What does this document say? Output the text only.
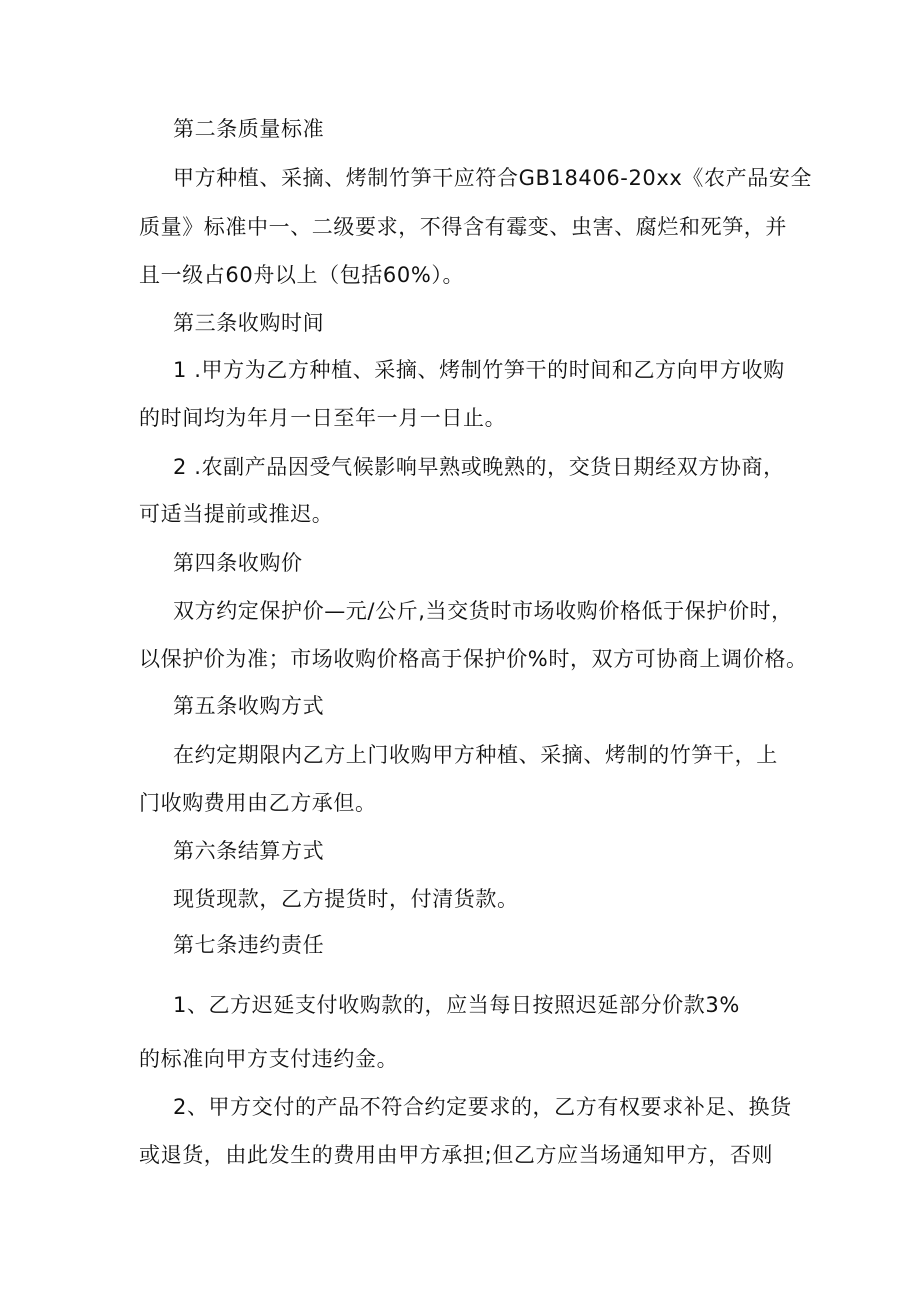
第二条质量标准
甲方种植、采摘、烤制竹笋干应符合GB18406-20xx《农产品安全
质量》标准中一、二级要求，不得含有霉变、虫害、腐烂和死笋，并
且一级占60舟以上（包括60%）。
第三条收购时间
1 .甲方为乙方种植、采摘、烤制竹笋干的时间和乙方向甲方收购
的时间均为年月一日至年一月一日止。
2 .农副产品因受气候影响早熟或晚熟的，交货日期经双方协商，
可适当提前或推迟。
第四条收购价
双方约定保护价—元/公斤,当交货时市场收购价格低于保护价时，
以保护价为准；市场收购价格高于保护价%时，双方可协商上调价格。
第五条收购方式
在约定期限内乙方上门收购甲方种植、采摘、烤制的竹笋干，上
门收购费用由乙方承但。
第六条结算方式
现货现款，乙方提货时，付清货款。
第七条违约责任
1、乙方迟延支付收购款的，应当每日按照迟延部分价款3%
的标准向甲方支付违约金。
2、甲方交付的产品不符合约定要求的，乙方有权要求补足、换货
或退货，由此发生的费用由甲方承担;但乙方应当场通知甲方，否则
